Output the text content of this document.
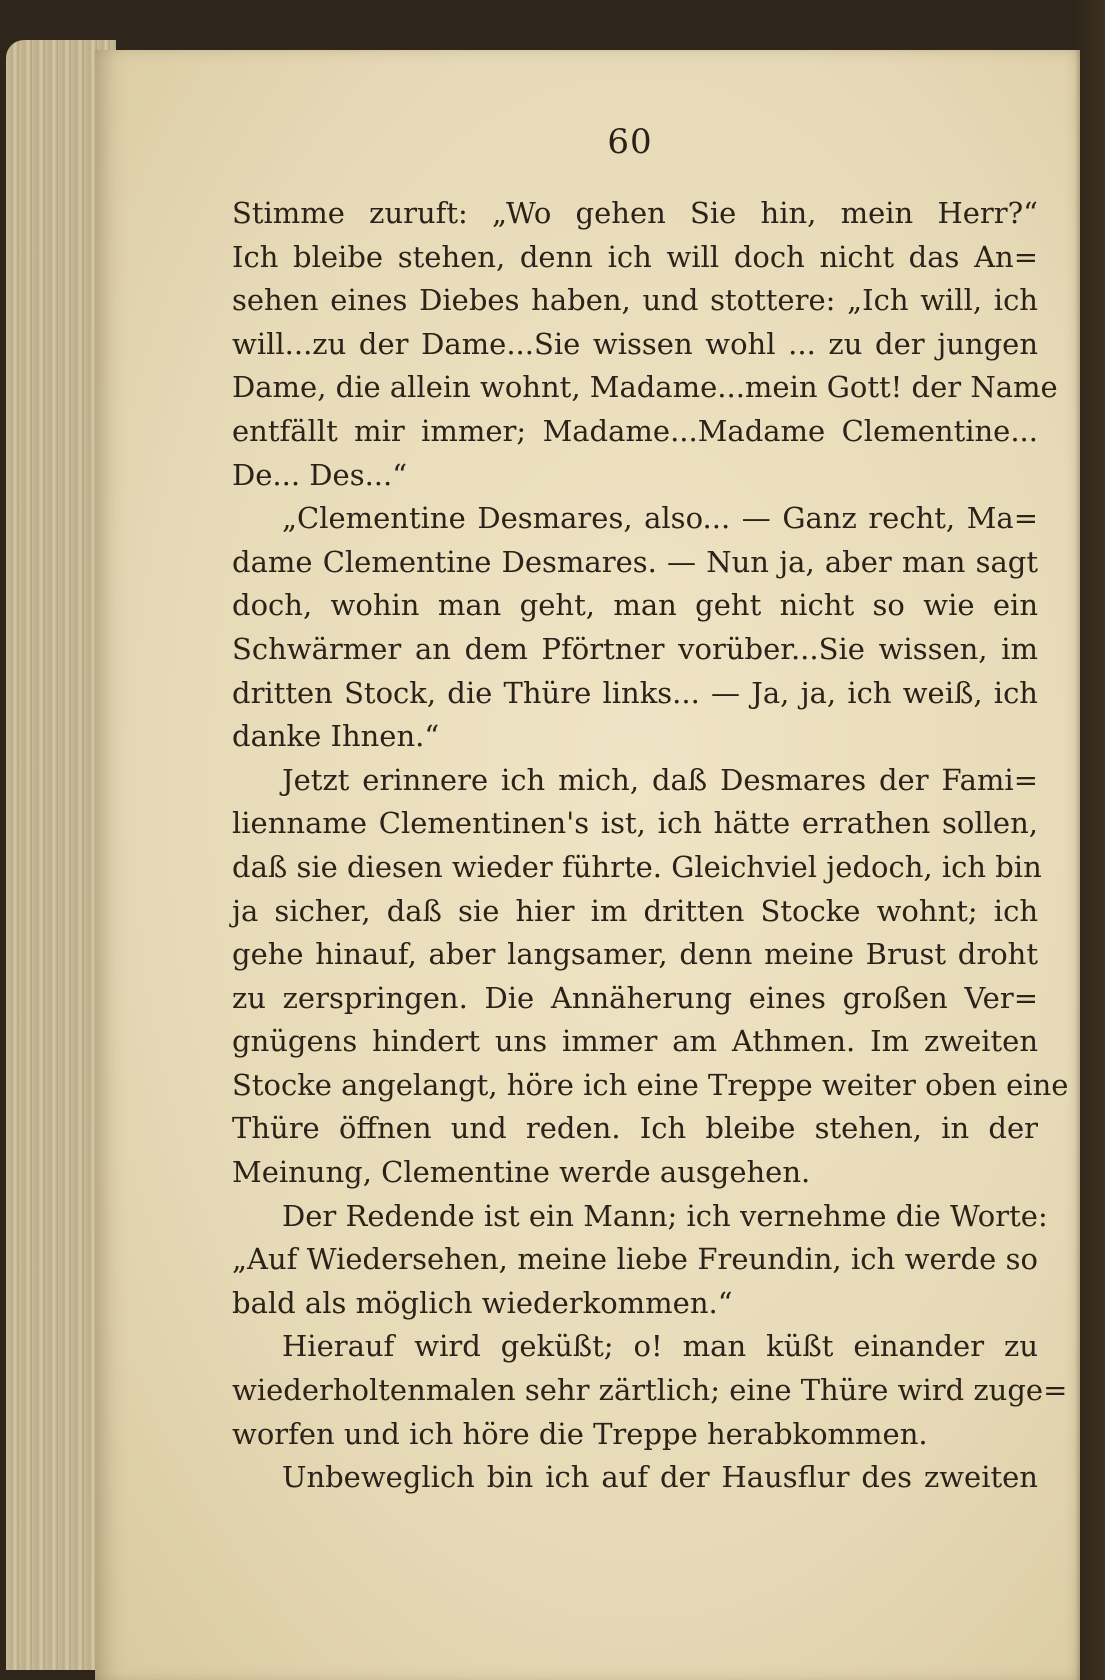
60
Stimme zuruft: „Wo gehen Sie hin, mein Herr?“
Ich bleibe stehen, denn ich will doch nicht das An=
sehen eines Diebes haben, und stottere: „Ich will, ich
will...zu der Dame...Sie wissen wohl ... zu der jungen
Dame, die allein wohnt, Madame...mein Gott! der Name
entfällt mir immer; Madame...Madame Clementine...
De... Des...“
„Clementine Desmares, also... — Ganz recht, Ma=
dame Clementine Desmares. — Nun ja, aber man sagt
doch, wohin man geht, man geht nicht so wie ein
Schwärmer an dem Pförtner vorüber...Sie wissen, im
dritten Stock, die Thüre links... — Ja, ja, ich weiß, ich
danke Ihnen.“
Jetzt erinnere ich mich, daß Desmares der Fami=
lienname Clementinen's ist, ich hätte errathen sollen,
daß sie diesen wieder führte. Gleichviel jedoch, ich bin
ja sicher, daß sie hier im dritten Stocke wohnt; ich
gehe hinauf, aber langsamer, denn meine Brust droht
zu zerspringen. Die Annäherung eines großen Ver=
gnügens hindert uns immer am Athmen. Im zweiten
Stocke angelangt, höre ich eine Treppe weiter oben eine
Thüre öffnen und reden. Ich bleibe stehen, in der
Meinung, Clementine werde ausgehen.
Der Redende ist ein Mann; ich vernehme die Worte:
„Auf Wiedersehen, meine liebe Freundin, ich werde so
bald als möglich wiederkommen.“
Hierauf wird geküßt; o! man küßt einander zu
wiederholtenmalen sehr zärtlich; eine Thüre wird zuge=
worfen und ich höre die Treppe herabkommen.
Unbeweglich bin ich auf der Hausflur des zweiten
